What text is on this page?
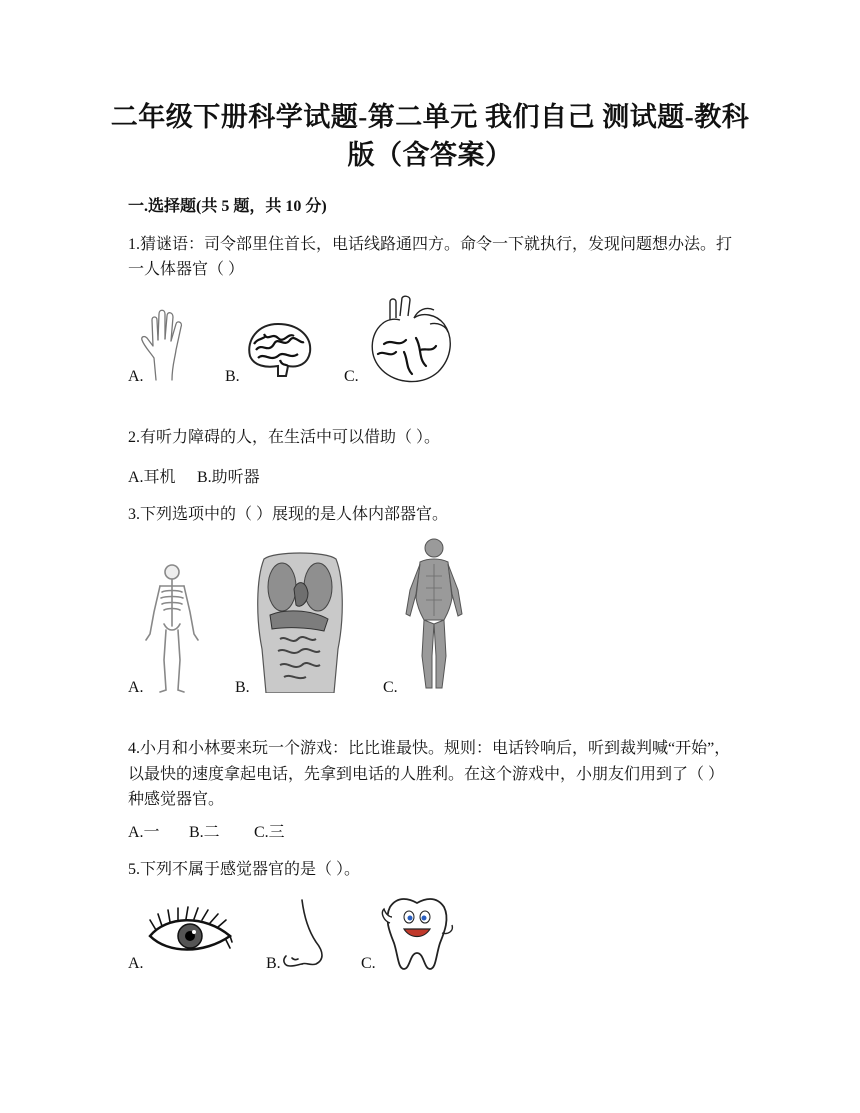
二年级下册科学试题-第二单元 我们自己 测试题-教科版（含答案）
一.选择题(共 5 题，共 10 分)
1.猜谜语：司令部里住首长，电话线路通四方。命令一下就执行，发现问题想办法。打一人体器官（ ）
A.	B.	C.
2.有听力障碍的人，在生活中可以借助（ ）。
A.耳机 B.助听器
3.下列选项中的（ ）展现的是人体内部器官。
A.	B.	C.
4.小月和小林要来玩一个游戏：比比谁最快。规则：电话铃响后，听到裁判喊“开始”，以最快的速度拿起电话，先拿到电话的人胜利。在这个游戏中，小朋友们用到了（ ）种感觉器官。
A.一 B.二 C.三
5.下列不属于感觉器官的是（ ）。
A.	B.	C.
